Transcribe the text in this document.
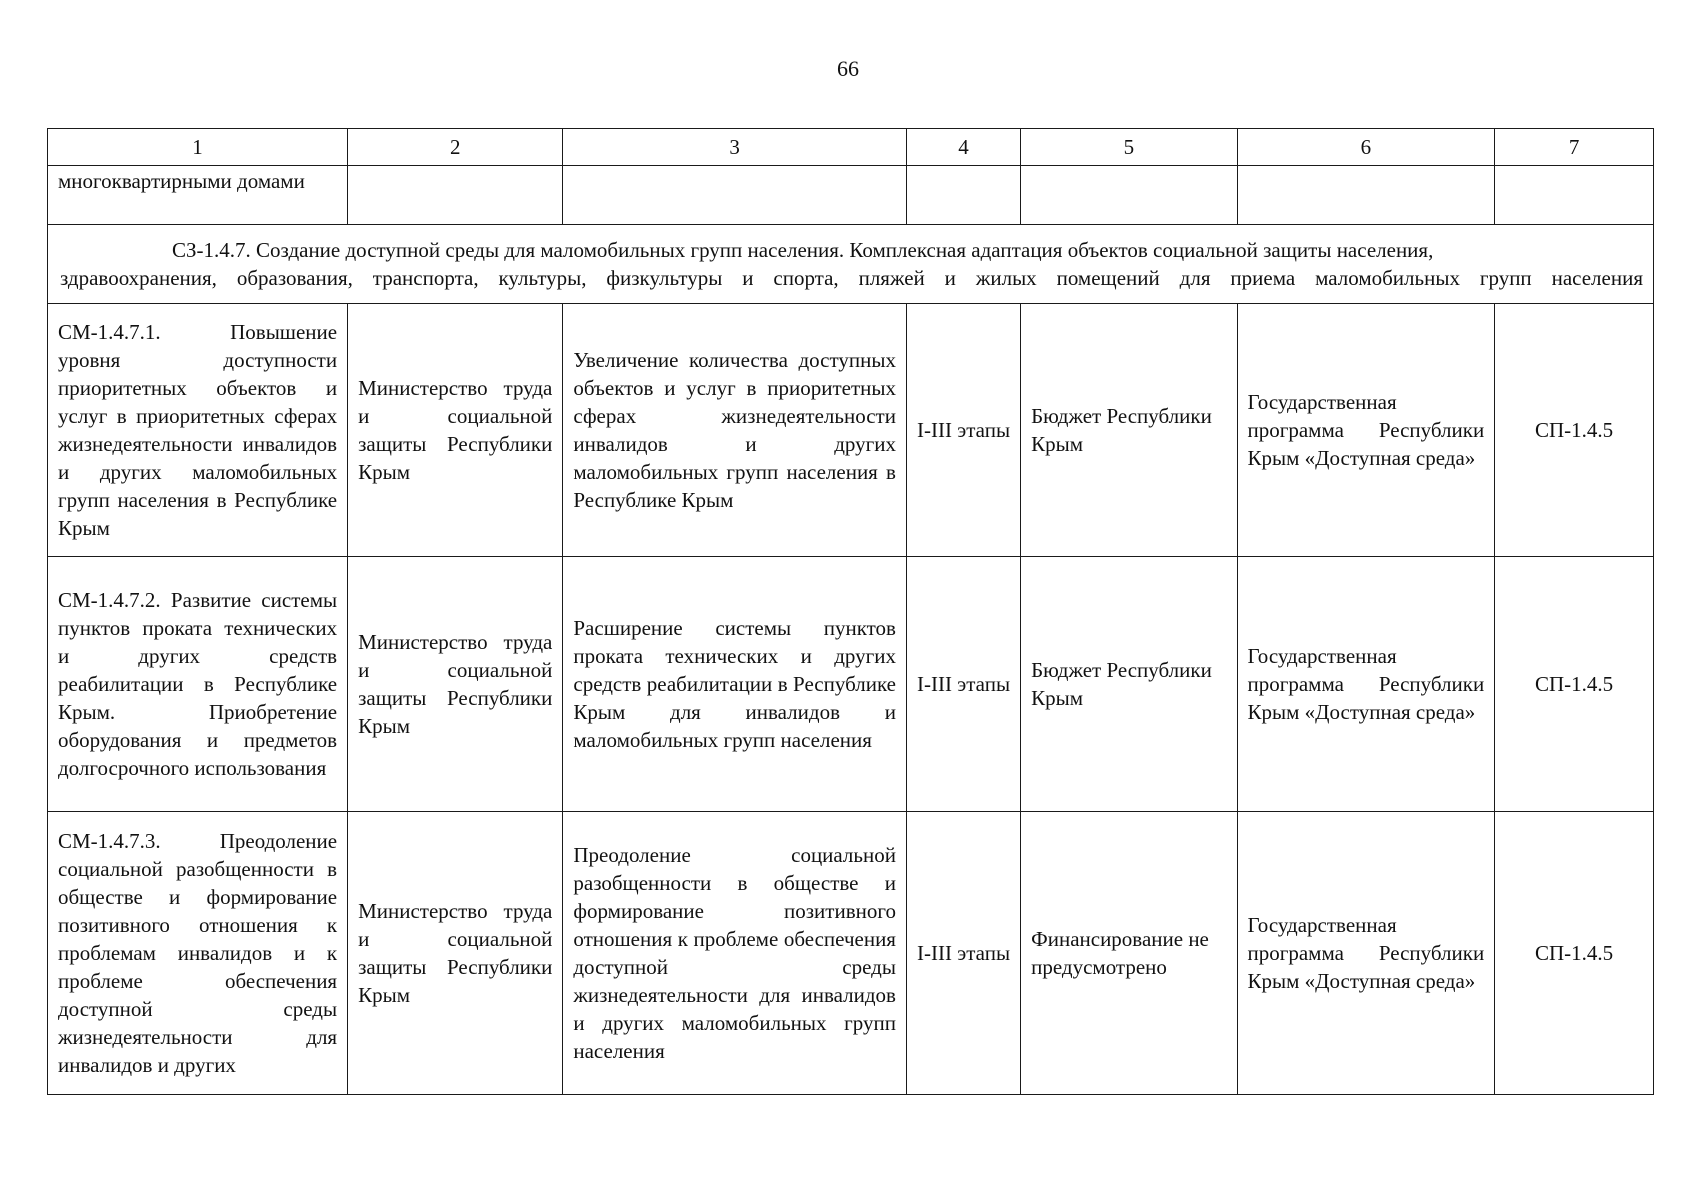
66
1	2	3	4	5	6	7
многоквартирными домами						

СЗ-1.4.7. Создание доступной среды для маломобильных групп населения. Комплексная адаптация объектов социальной защиты населения,
здравоохранения, образования, транспорта, культуры, физкультуры и спорта, пляжей и жилых помещений для приема маломобильных групп населения						

СМ-1.4.7.1. Повышение уровня доступности приоритетных объектов и услуг в приоритетных сферах жизнедеятельности инвалидов и других маломобильных групп населения в Республике Крым	Министерство труда и социальной защиты Республики Крым	Увеличение количества доступных объектов и услуг в приоритетных сферах жизнедеятельности инвалидов и других маломобильных групп населения в Республике Крым	I-III этапы	Бюджет Республики Крым	Государственная программа Республики Крым «Доступная среда»	СП-1.4.5
СМ-1.4.7.2. Развитие системы пунктов проката технических и других средств реабилитации в Республике Крым. Приобретение оборудования и предметов долгосрочного использования	Министерство труда и социальной защиты Республики Крым	Расширение системы пунктов проката технических и других средств реабилитации в Республике Крым для инвалидов и маломобильных групп населения	I-III этапы	Бюджет Республики Крым	Государственная программа Республики Крым «Доступная среда»	СП-1.4.5
СМ-1.4.7.3. Преодоление социальной разобщенности в обществе и формирование позитивного отношения к проблемам инвалидов и к проблеме обеспечения доступной среды жизнедеятельности для инвалидов и других	Министерство труда и социальной защиты Республики Крым	Преодоление социальной разобщенности в обществе и формирование позитивного отношения к проблеме обеспечения доступной среды жизнедеятельности для инвалидов и других маломобильных групп населения	I-III этапы	Финансирование не предусмотрено	Государственная программа Республики Крым «Доступная среда»	СП-1.4.5
